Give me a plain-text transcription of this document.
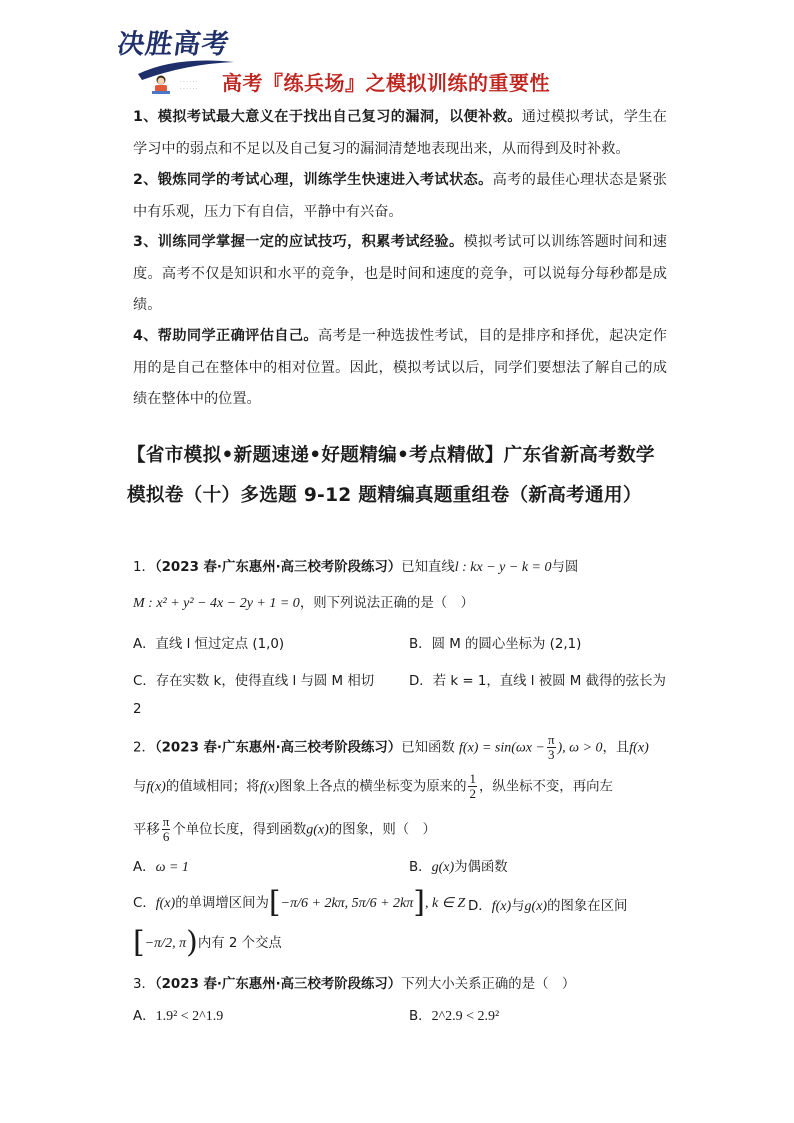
决胜高考
· · · · · ·
· · · · · ·	高考『练兵场』之模拟训练的重要性
1、模拟考试最大意义在于找出自己复习的漏洞，以便补救。通过模拟考试，学生在学习中的弱点和不足以及自己复习的漏洞清楚地表现出来，从而得到及时补救。
2、锻炼同学的考试心理，训练学生快速进入考试状态。高考的最佳心理状态是紧张中有乐观，压力下有自信，平静中有兴奋。
3、训练同学掌握一定的应试技巧，积累考试经验。模拟考试可以训练答题时间和速度。高考不仅是知识和水平的竞争，也是时间和速度的竞争，可以说每分每秒都是成绩。
4、帮助同学正确评估自己。高考是一种选拔性考试，目的是排序和择优，起决定作用的是自己在整体中的相对位置。因此，模拟考试以后，同学们要想法了解自己的成绩在整体中的位置。
【省市模拟•新题速递•好题精编•考点精做】广东省新高考数学模拟卷（十）多选题 9-12 题精编真题重组卷（新高考通用）
1．（2023 春·广东惠州·高三校考阶段练习）已知直线l : kx − y − k = 0与圆
M : x² + y² − 4x − 2y + 1 = 0，则下列说法正确的是（　）
A．直线 l 恒过定点 (1,0)	B．圆 M 的圆心坐标为 (2,1)
C．存在实数 k，使得直线 l 与圆 M 相切	D．若 k = 1，直线 l 被圆 M 截得的弦长为
2
2．（2023 春·广东惠州·高三校考阶段练习）已知函数 $f(x) = \sin(\omega x - \frac{\pi}{3}$ ), ω > 0，且f(x)
与f(x)的值域相同；将f(x)图象上各点的横坐标变为原来的 $\frac{1}{2}$ ，纵坐标不变，再向左
平移 $\frac{\pi}{6}$ 个单位长度，得到函数g(x)的图象，则（　）
A．ω = 1	B．g(x)为偶函数
C．f(x)的单调增区间为[−π/6 + 2kπ, 5π/6 + 2kπ], k ∈ Z D．f(x)与g(x)的图象在区间
[−π/2, π)内有 2 个交点
3．（2023 春·广东惠州·高三校考阶段练习）下列大小关系正确的是（　）
A．1.9² < 2^1.9	B．2^2.9 < 2.9²
